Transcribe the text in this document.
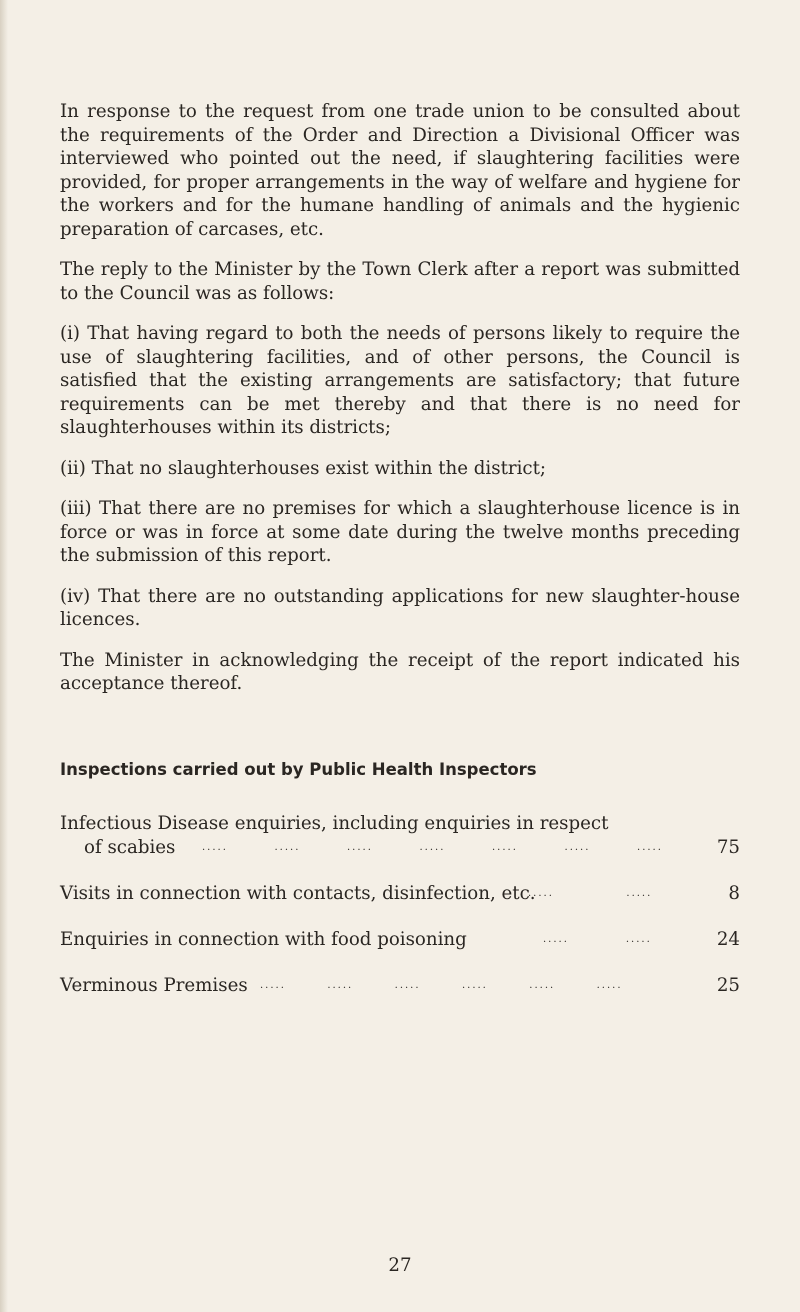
In response to the request from one trade union to be consulted about the requirements of the Order and Direction a Divisional Officer was interviewed who pointed out the need, if slaughtering facilities were provided, for proper arrangements in the way of welfare and hygiene for the workers and for the humane handling of animals and the hygienic preparation of carcases, etc.

The reply to the Minister by the Town Clerk after a report was submitted to the Council was as follows:

(i) That having regard to both the needs of persons likely to require the use of slaughtering facilities, and of other persons, the Council is satisfied that the existing arrangements are satisfactory; that future requirements can be met thereby and that there is no need for slaughterhouses within its districts;

(ii) That no slaughterhouses exist within the district;

(iii) That there are no premises for which a slaughterhouse licence is in force or was in force at some date during the twelve months preceding the submission of this report.

(iv) That there are no outstanding applications for new slaughter-house licences.

The Minister in acknowledging the receipt of the report indicated his acceptance thereof.

Inspections carried out by Public Health Inspectors
Infectious Disease enquiries, including enquiries in respect
of scabies	.....         .....         .....         .....         .....         .....         .....	75
Visits in connection with contacts, disinfection, etc.
.....              .....	8
Enquiries in connection with food poisoning	.....           .....	24
Verminous Premises .....        .....        .....        .....        .....        .....	25
27
